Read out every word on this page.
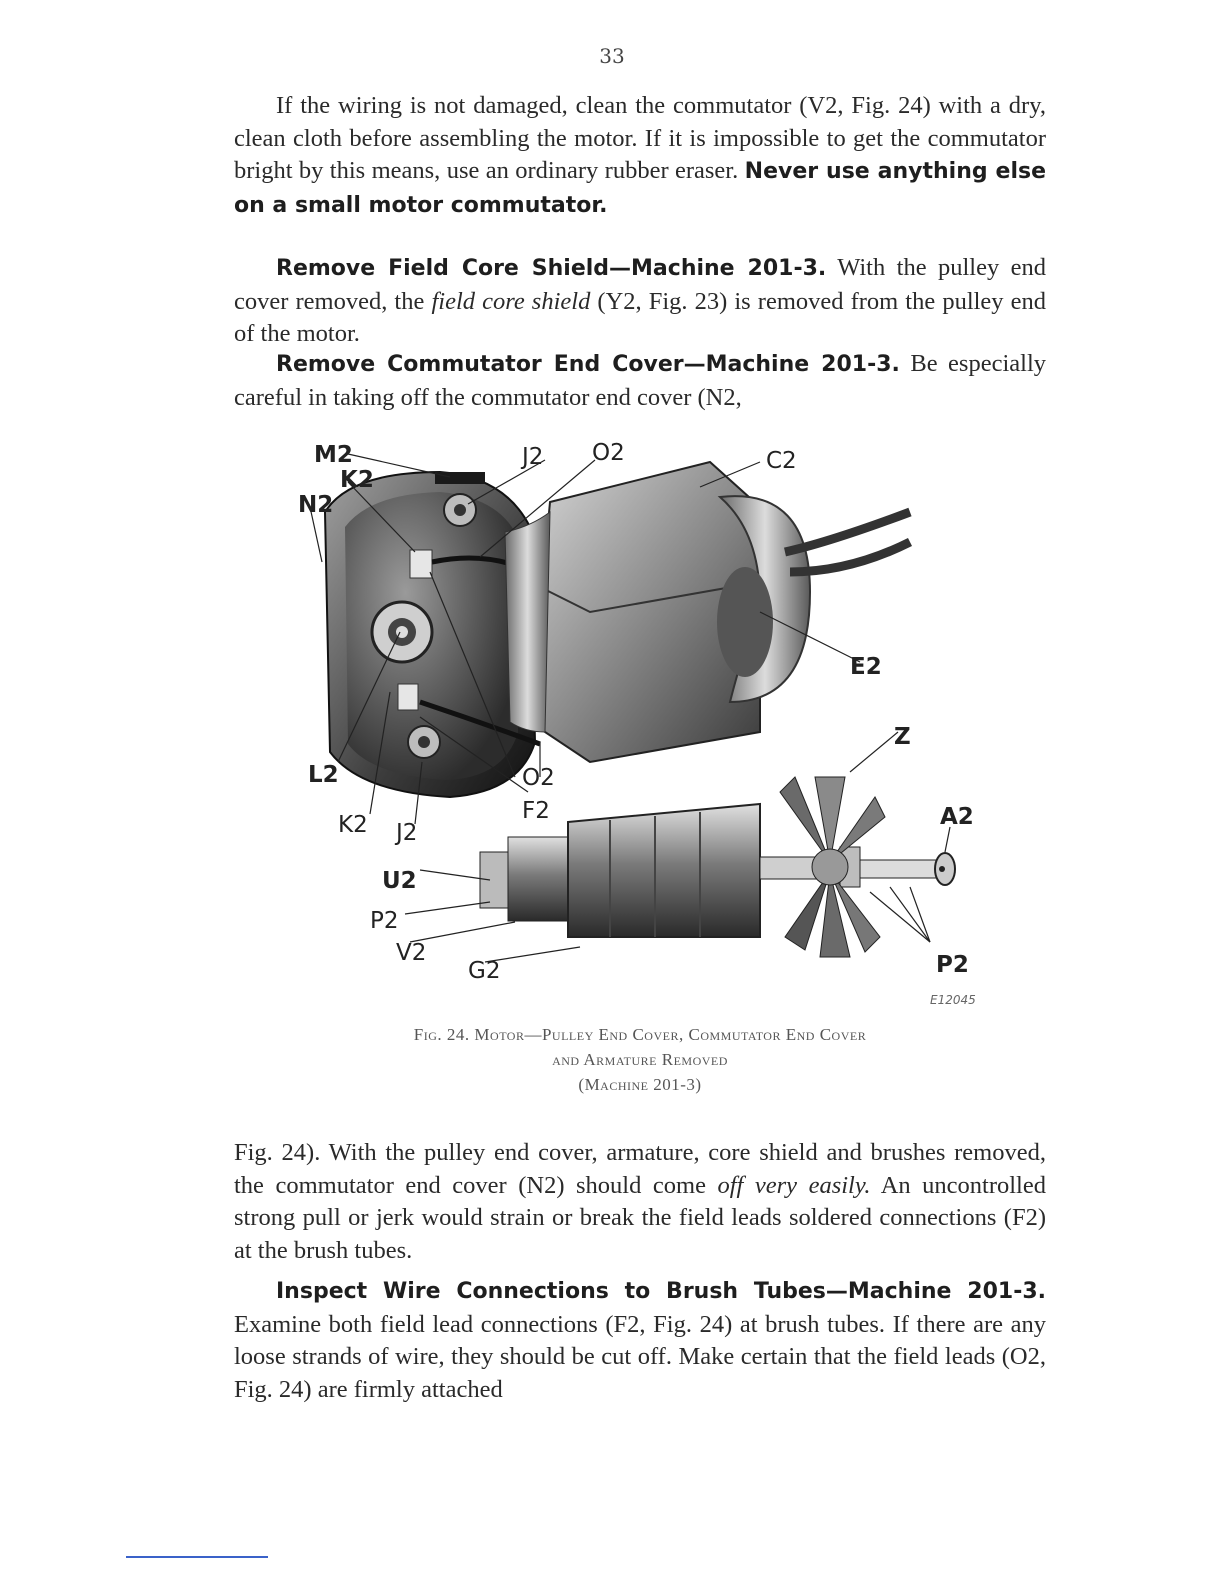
33
If the wiring is not damaged, clean the commutator (V2, Fig. 24) with a dry, clean cloth before assembling the motor. If it is impossible to get the commutator bright by this means, use an ordinary rubber eraser. Never use anything else on a small motor commutator.
Remove Field Core Shield—Machine 201-3. With the pulley end cover removed, the field core shield (Y2, Fig. 23) is removed from the pulley end of the motor.
Remove Commutator End Cover—Machine 201-3. Be especially careful in taking off the commutator end cover (N2,
M2
K2
N2
J2 O2	C2
E2
Z
A2
L2	O2
F2
K2 J2
U2
P2
V2
G2	P2
E12045
Fig. 24. Motor—Pulley End Cover, Commutator End Cover
and Armature Removed
(Machine 201-3)
Fig. 24). With the pulley end cover, armature, core shield and brushes removed, the commutator end cover (N2) should come off very easily. An uncontrolled strong pull or jerk would strain or break the field leads soldered connections (F2) at the brush tubes.
Inspect Wire Connections to Brush Tubes—Machine 201-3. Examine both field lead connections (F2, Fig. 24) at brush tubes. If there are any loose strands of wire, they should be cut off. Make certain that the field leads (O2, Fig. 24) are firmly attached
